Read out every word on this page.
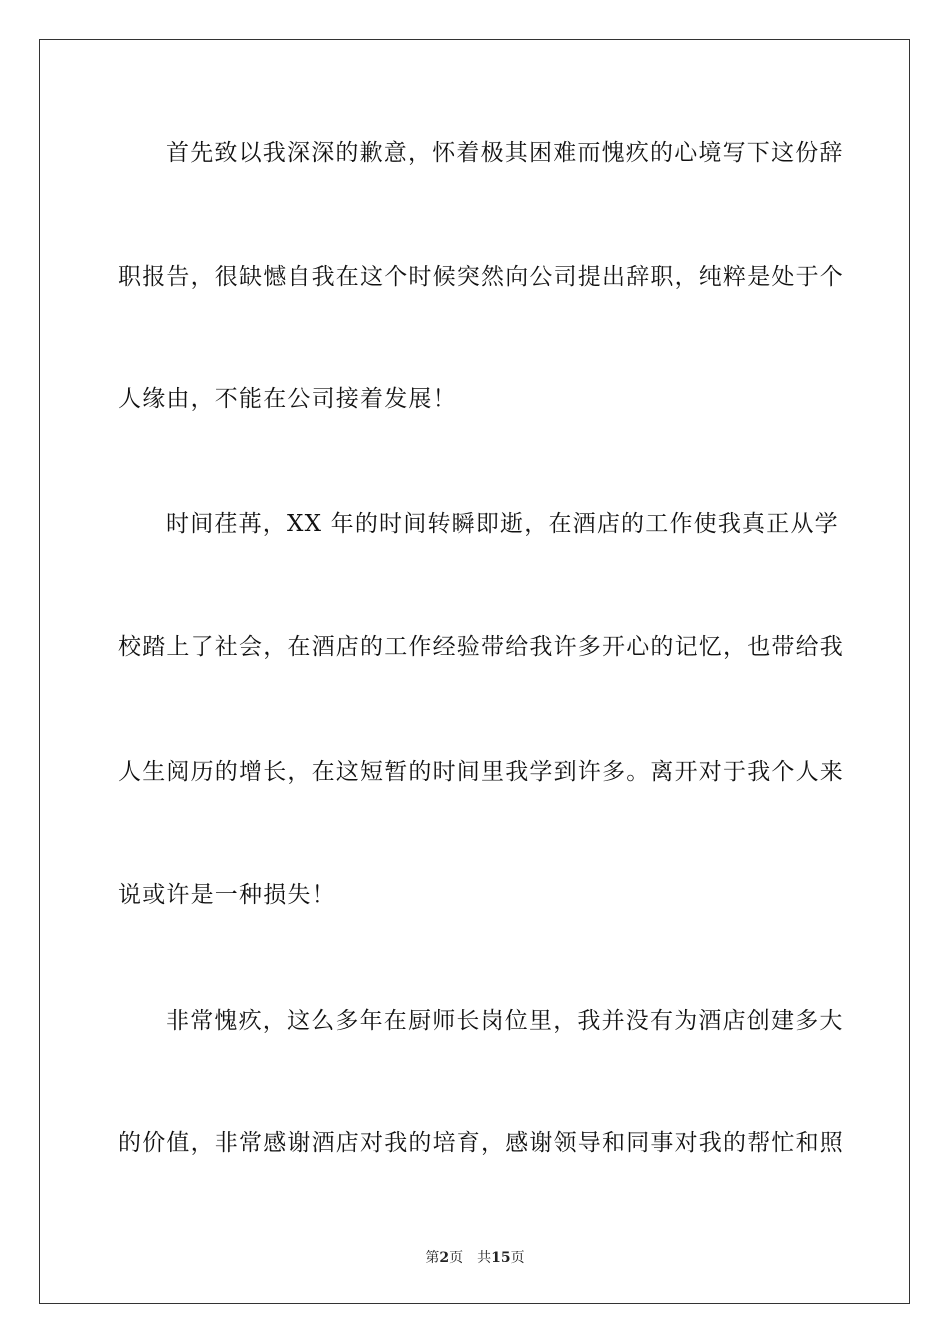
首先致以我深深的歉意，怀着极其困难而愧疚的心境写下这份辞
职报告，很缺憾自我在这个时候突然向公司提出辞职，纯粹是处于个
人缘由，不能在公司接着发展！
时间荏苒，XX 年的时间转瞬即逝，在酒店的工作使我真正从学
校踏上了社会，在酒店的工作经验带给我许多开心的记忆，也带给我
人生阅历的增长，在这短暂的时间里我学到许多。离开对于我个人来
说或许是一种损失！
非常愧疚，这么多年在厨师长岗位里，我并没有为酒店创建多大
的价值，非常感谢酒店对我的培育，感谢领导和同事对我的帮忙和照
第2页 共15页
